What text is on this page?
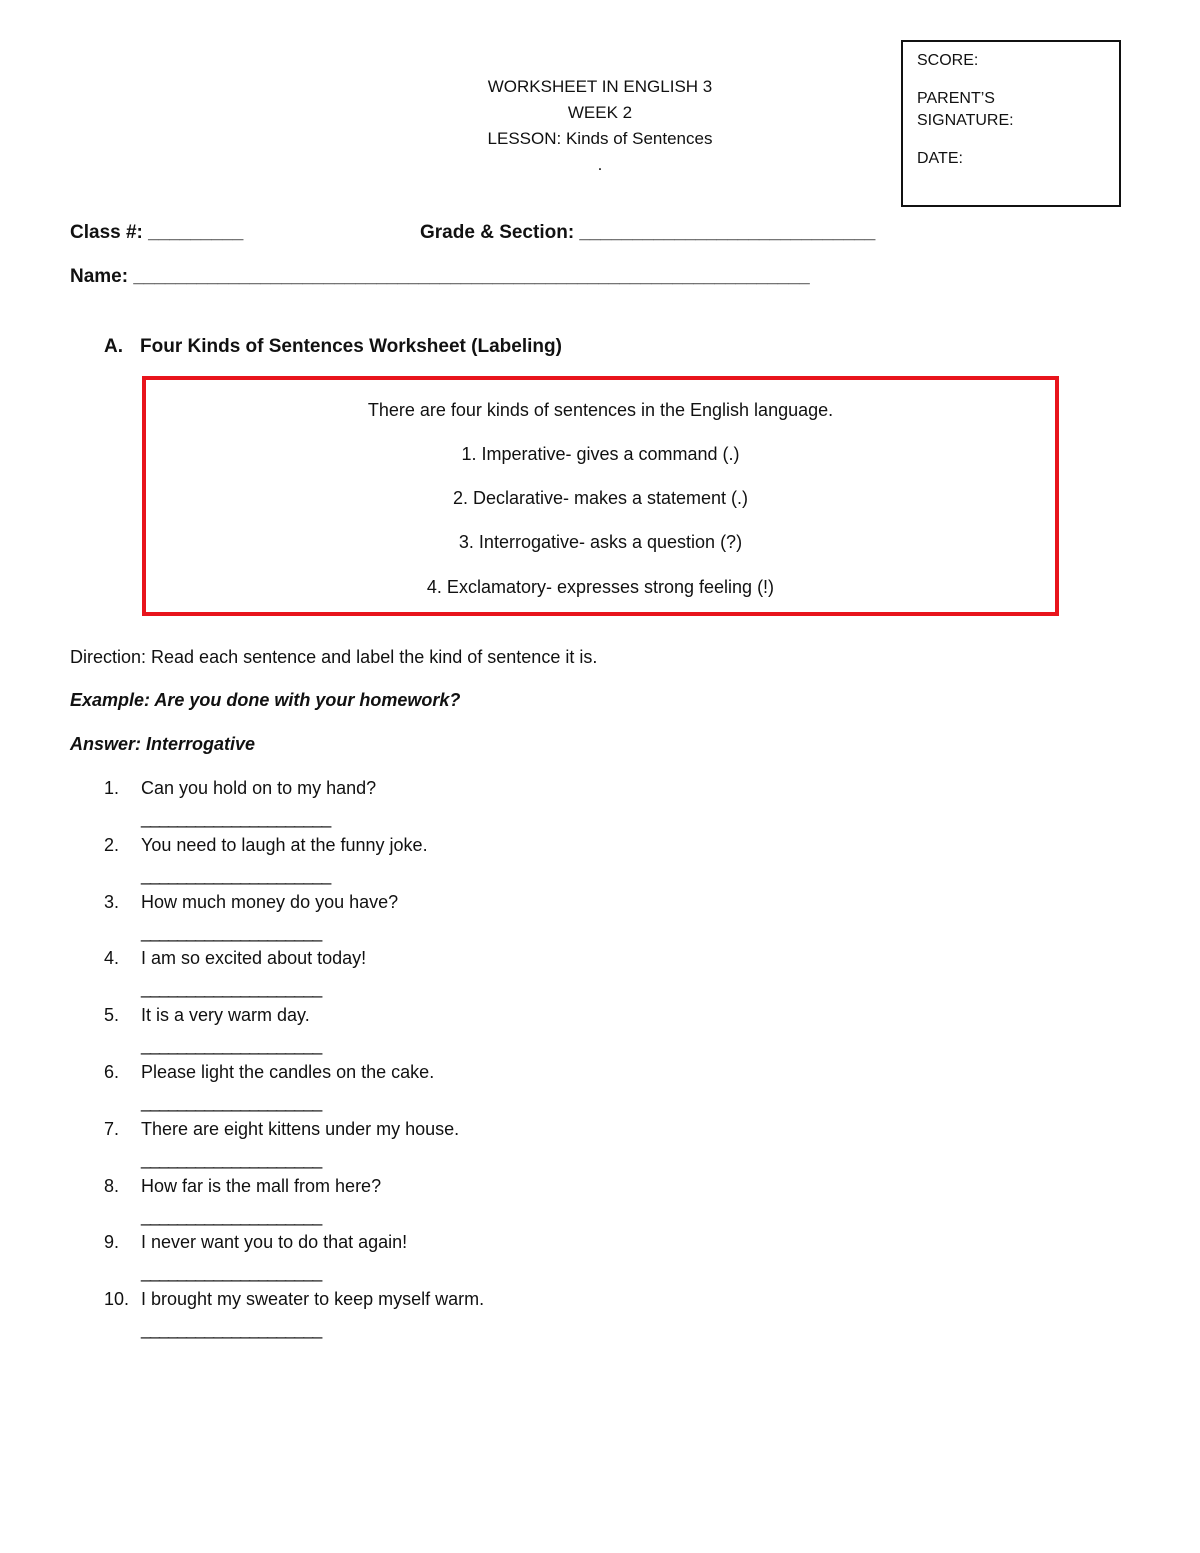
WORKSHEET IN ENGLISH 3
WEEK 2
LESSON: Kinds of Sentences
.
SCORE:
PARENT’S
SIGNATURE:
DATE:
Class #: _________	Grade & Section: ____________________________
Name: ________________________________________________________________
A. Four Kinds of Sentences Worksheet (Labeling)

There are four kinds of sentences in the English language.

1. Imperative- gives a command (.)

2. Declarative- makes a statement (.)

3. Interrogative- asks a question (?)

4. Exclamatory- expresses strong feeling (!)

Direction: Read each sentence and label the kind of sentence it is.
Example: Are you done with your homework?
Answer: Interrogative
1.	Can you hold on to my hand?
_____________________
2.	You need to laugh at the funny joke.
_____________________
3.	How much money do you have?
____________________
4.	I am so excited about today!
____________________
5.	It is a very warm day.
____________________
6.	Please light the candles on the cake.
____________________
7.	There are eight kittens under my house.
____________________
8.	How far is the mall from here?
____________________
9.	I never want you to do that again!
____________________
10. I brought my sweater to keep myself warm.
____________________
